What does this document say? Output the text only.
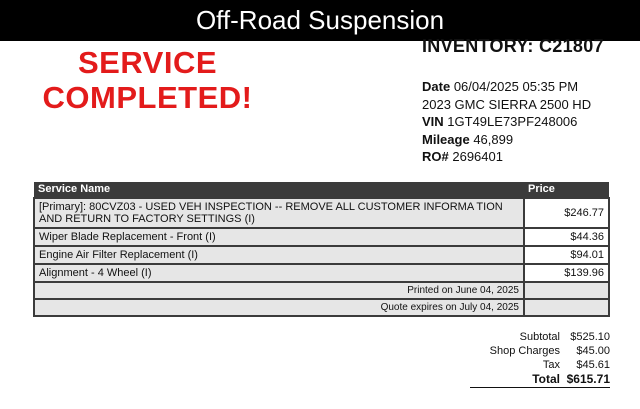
Off-Road Suspension
SERVICE
COMPLETED!
INVENTORY: C21807
Date 06/04/2025 05:35 PM
2023 GMC SIERRA 2500 HD
VIN 1GT49LE73PF248006
Mileage 46,899
RO# 2696401
Service Name	Price
[Primary]: 80CVZ03 - USED VEH INSPECTION -- REMOVE ALL CUSTOMER INFORMA TION AND RETURN TO FACTORY SETTINGS (I)	$246.77
Wiper Blade Replacement - Front (I)	$44.36
Engine Air Filter Replacement (I)	$94.01
Alignment - 4 Wheel (I)	$139.96
Printed on June 04, 2025	
Quote expires on July 04, 2025	
Subtotal $525.10
Shop Charges	$45.00
Tax	$45.61
Total $615.71
